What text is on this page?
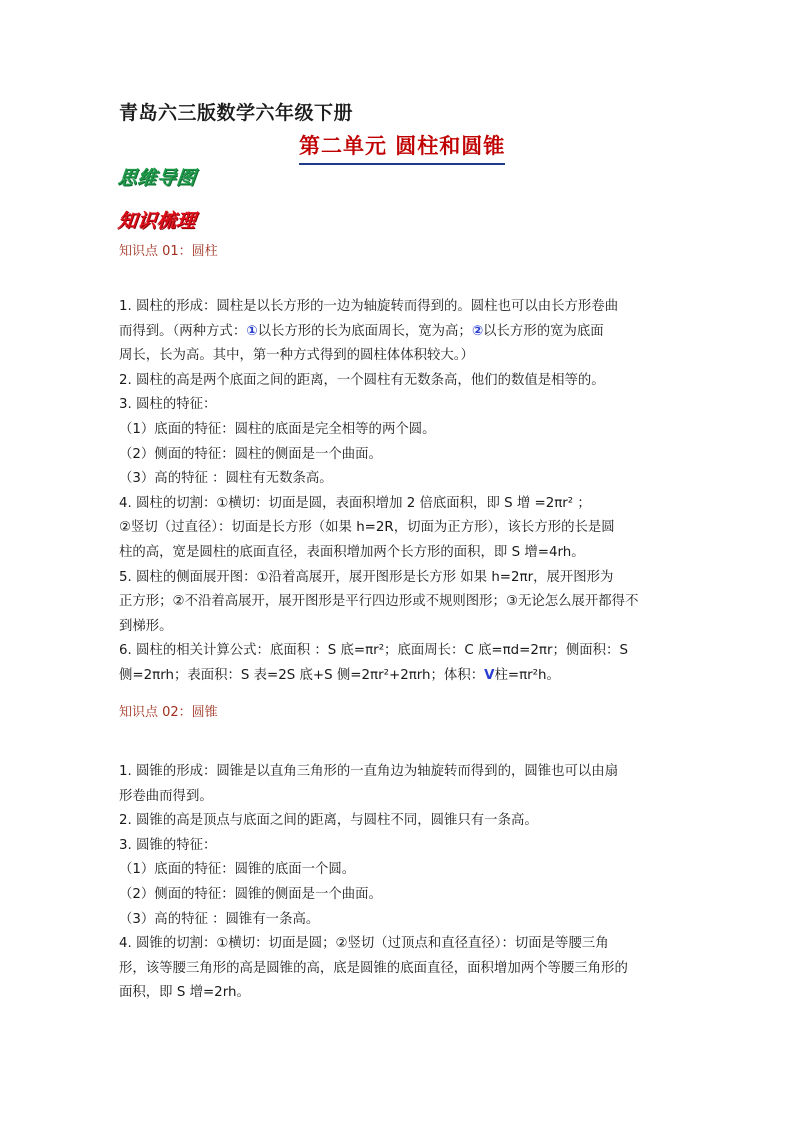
青岛六三版数学六年级下册
第二单元 圆柱和圆锥
思维导图
知识梳理
知识点 01：圆柱

1. 圆柱的形成：圆柱是以长方形的一边为轴旋转而得到的。圆柱也可以由长方形卷曲

而得到。（两种方式：①以长方形的长为底面周长，宽为高；②以长方形的宽为底面

周长，长为高。其中，第一种方式得到的圆柱体体积较大。）

2. 圆柱的高是两个底面之间的距离，一个圆柱有无数条高，他们的数值是相等的。

3. 圆柱的特征：

（1）底面的特征：圆柱的底面是完全相等的两个圆。

（2）侧面的特征：圆柱的侧面是一个曲面。

（3）高的特征 ：圆柱有无数条高。

4. 圆柱的切割：①横切：切面是圆，表面积增加 2 倍底面积，即 S 增 =2πr² ；

②竖切（过直径）：切面是长方形（如果 h=2R，切面为正方形），该长方形的长是圆

柱的高，宽是圆柱的底面直径，表面积增加两个长方形的面积，即 S 增=4rh。

5. 圆柱的侧面展开图：①沿着高展开，展开图形是长方形 如果 h=2πr，展开图形为

正方形；②不沿着高展开，展开图形是平行四边形或不规则图形；③无论怎么展开都得不

到梯形。

6. 圆柱的相关计算公式：底面积 ：S 底=πr²；底面周长：C 底=πd=2πr；侧面积：S

侧=2πrh；表面积：S 表=2S 底+S 侧=2πr²+2πrh；体积：V柱=πr²h。

知识点 02：圆锥

1. 圆锥的形成：圆锥是以直角三角形的一直角边为轴旋转而得到的，圆锥也可以由扇

形卷曲而得到。

2. 圆锥的高是顶点与底面之间的距离，与圆柱不同，圆锥只有一条高。

3. 圆锥的特征：

（1）底面的特征：圆锥的底面一个圆。

（2）侧面的特征：圆锥的侧面是一个曲面。

（3）高的特征 ：圆锥有一条高。

4. 圆锥的切割：①横切：切面是圆；②竖切（过顶点和直径直径）：切面是等腰三角

形，该等腰三角形的高是圆锥的高，底是圆锥的底面直径，面积增加两个等腰三角形的

面积，即 S 增=2rh。
